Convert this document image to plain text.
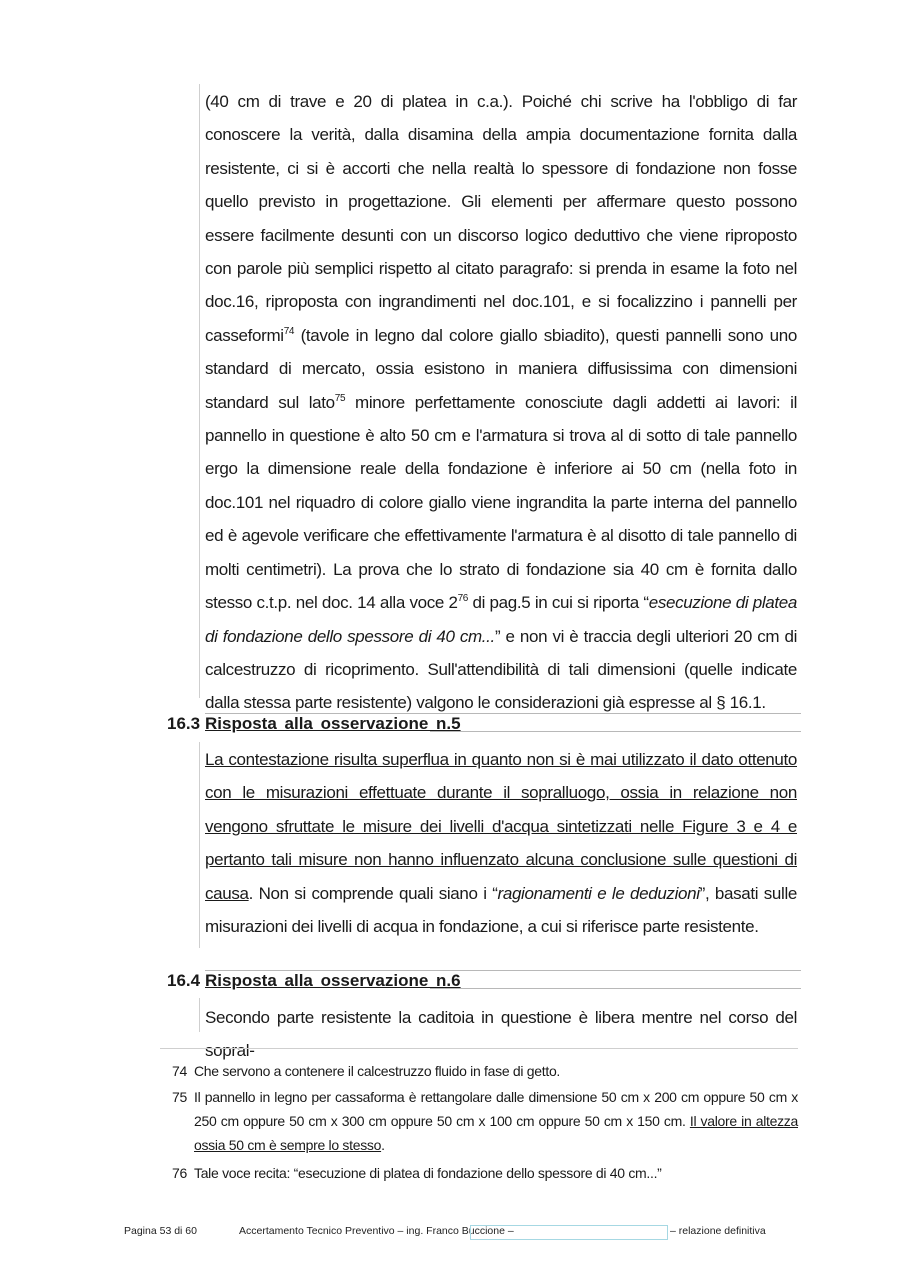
(40 cm di trave e 20 di platea in c.a.). Poiché chi scrive ha l'obbligo di far conoscere la verità, dalla disamina della ampia documentazione fornita dalla resistente, ci si è accorti che nella realtà lo spessore di fondazione non fosse quello previsto in progettazione. Gli elementi per affermare questo possono essere facilmente desunti con un discorso logico deduttivo che viene riproposto con parole più semplici rispetto al citato paragrafo: si prenda in esame la foto nel doc.16, riproposta con ingrandimenti nel doc.101, e si focalizzino i pannelli per casseformi$^{74}$ (tavole in legno dal colore giallo sbiadito), questi pannelli sono uno standard di mercato, ossia esistono in maniera diffusissima con dimensioni standard sul lato$^{75}$ minore perfettamente conosciute dagli addetti ai lavori: il pannello in questione è alto 50 cm e l'armatura si trova al di sotto di tale pannello ergo la dimensione reale della fondazione è inferiore ai 50 cm (nella foto in doc.101 nel riquadro di colore giallo viene ingrandita la parte interna del pannello ed è agevole verificare che effettivamente l'armatura è al disotto di tale pannello di molti centimetri). La prova che lo strato di fondazione sia 40 cm è fornita dallo stesso c.t.p. nel doc. 14 alla voce $2^{76}$ di pag.5 in cui si riporta “esecuzione di platea di fondazione dello spessore di 40 cm...” e non vi è traccia degli ulteriori 20 cm di calcestruzzo di ricoprimento. Sull'attendibilità di tali dimensioni (quelle indicate dalla stessa parte resistente) valgono le considerazioni già espresse al § 16.1.
16.3 Risposta alla osservazione n.5
La contestazione risulta superflua in quanto non si è mai utilizzato il dato ottenuto con le misurazioni effettuate durante il sopralluogo, ossia in relazione non vengono sfruttate le misure dei livelli d'acqua sintetizzati nelle Figure 3 e 4 e pertanto tali misure non hanno influenzato alcuna conclusione sulle questioni di causa. Non si comprende quali siano i “ragionamenti e le deduzioni”, basati sulle misurazioni dei livelli di acqua in fondazione, a cui si riferisce parte resistente.
16.4 Risposta alla osservazione n.6
Secondo parte resistente la caditoia in questione è libera mentre nel corso del sopral-
74 Che servono a contenere il calcestruzzo fluido in fase di getto.
75 Il pannello in legno per cassaforma è rettangolare dalle dimensione 50 cm x 200 cm oppure 50 cm x 250 cm oppure 50 cm x 300 cm oppure 50 cm x 100 cm oppure 50 cm x 150 cm. Il valore in altezza ossia 50 cm è sempre lo stesso.
76 Tale voce recita: “esecuzione di platea di fondazione dello spessore di 40 cm...”
Pagina 53 di 60	Accertamento Tecnico Preventivo – ing. Franco Buccione –	– relazione definitiva
